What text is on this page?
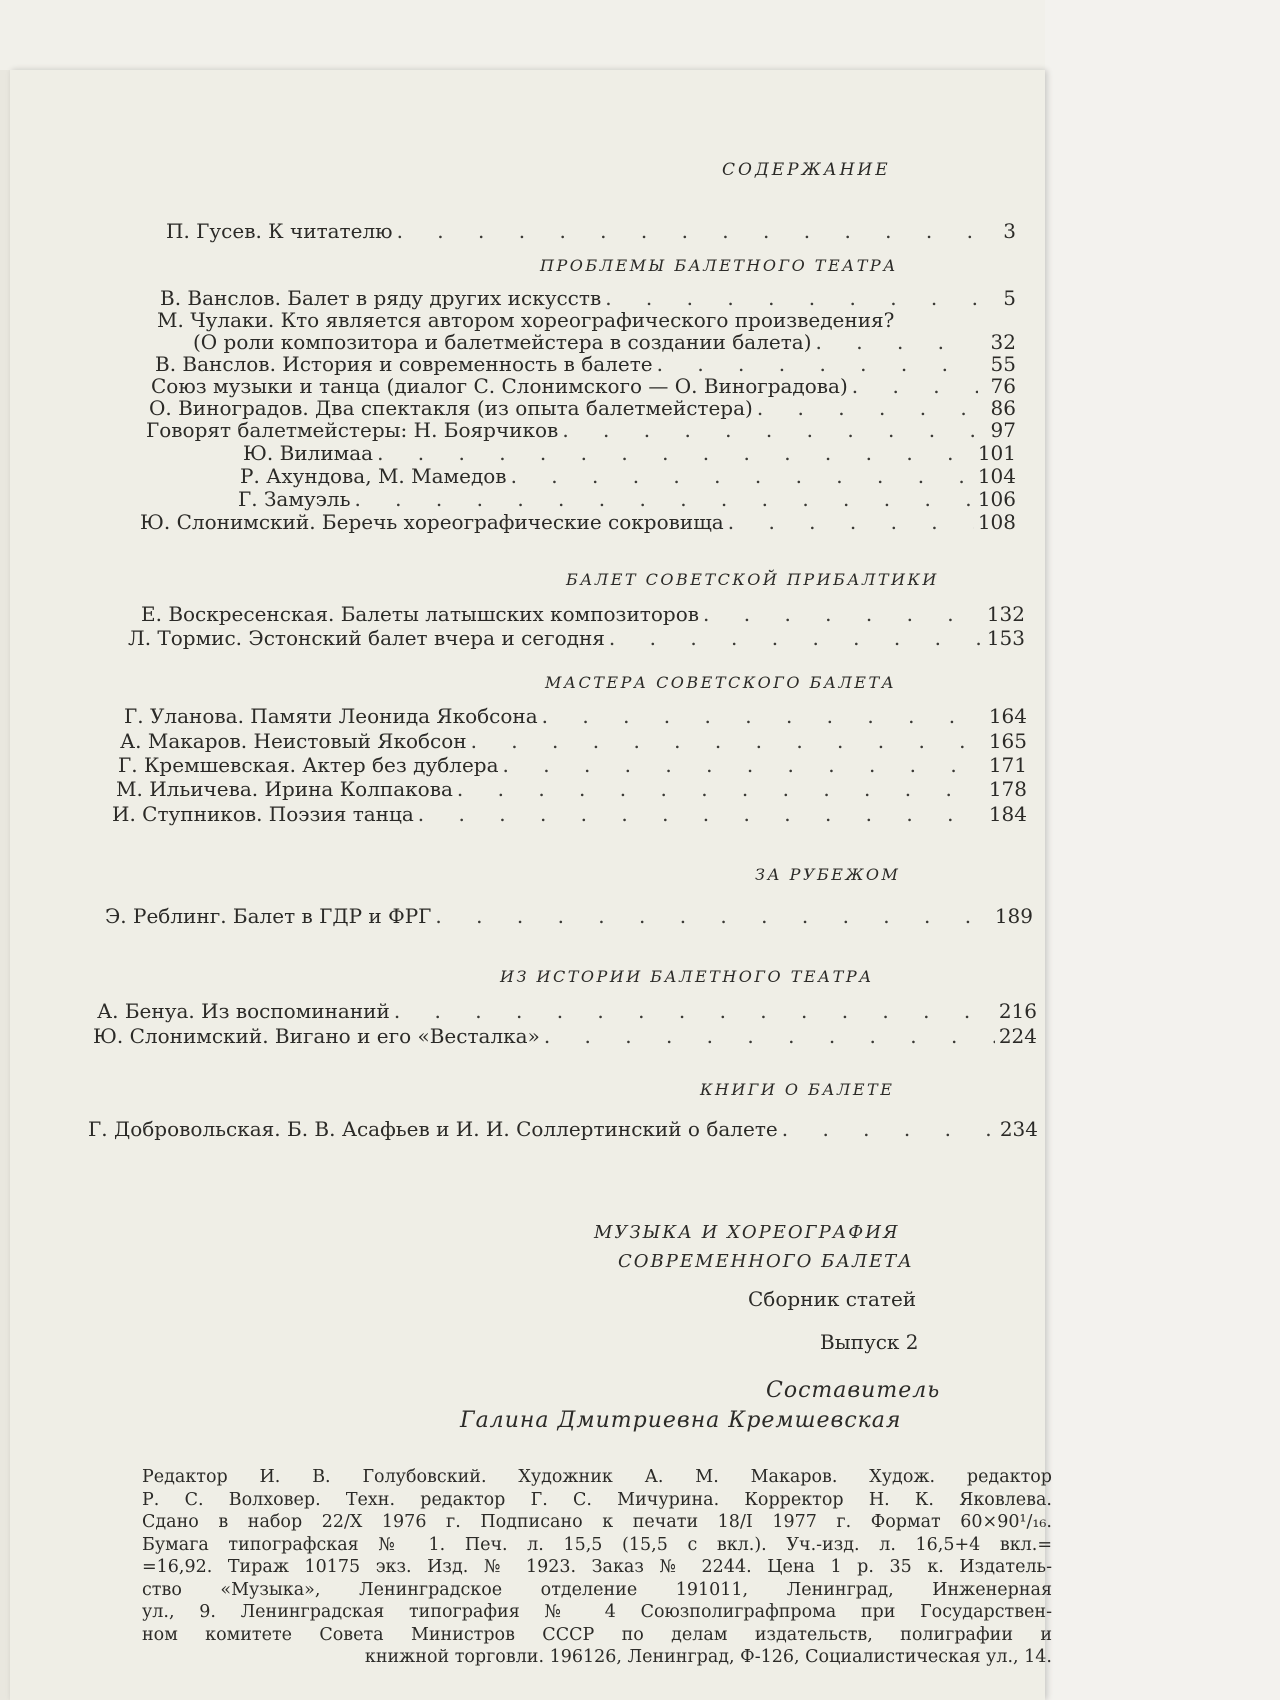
СОДЕРЖАНИЕ
П. Гусев. К читателю . . .	3
ПРОБЛЕМЫ БАЛЕТНОГО ТЕАТРА
В. Ванслов. Балет в ряду других искусств . . .	5
М. Чулаки. Кто является автором хореографического произведения?
(О роли композитора и балетмейстера в создании балета) . . .	32
В. Ванслов. История и современность в балете . . .	55
Союз музыки и танца (диалог С. Слонимского — О. Виноградова) . . .	76
О. Виноградов. Два спектакля (из опыта балетмейстера) . . .	86
Говорят балетмейстеры: Н. Боярчиков . . .	97
Ю. Вилимаа . . .	101
Р. Ахундова, М. Мамедов . . .	104
Г. Замуэль . . .	106
Ю. Слонимский. Беречь хореографические сокровища . . .	108
БАЛЕТ СОВЕТСКОЙ ПРИБАЛТИКИ
Е. Воскресенская. Балеты латышских композиторов . . .	132
Л. Тормис. Эстонский балет вчера и сегодня . . .	153
МАСТЕРА СОВЕТСКОГО БАЛЕТА
Г. Уланова. Памяти Леонида Якобсона . . .	164
А. Макаров. Неистовый Якобсон . . .	165
Г. Кремшевская. Актер без дублера . . .	171
М. Ильичева. Ирина Колпакова . . .	178
И. Ступников. Поэзия танца . . .	184
ЗА РУБЕЖОМ
Э. Реблинг. Балет в ГДР и ФРГ . . .	189
ИЗ ИСТОРИИ БАЛЕТНОГО ТЕАТРА
А. Бенуа. Из воспоминаний . . .	216
Ю. Слонимский. Вигано и его «Весталка» . . .	224
КНИГИ О БАЛЕТЕ
Г. Добровольская. Б. В. Асафьев и И. И. Соллертинский о балете . . .	234
МУЗЫКА И ХОРЕОГРАФИЯ
СОВРЕМЕННОГО БАЛЕТА
Сборник статей
Выпуск 2
Составитель
Галина Дмитриевна Кремшевская
Редактор И. В. Голубовский. Художник А. М. Макаров. Худож. редактор
Р. С. Волховер. Техн. редактор Г. С. Мичурина. Корректор Н. К. Яковлева.
Сдано в набор 22/X 1976 г. Подписано к печати 18/I 1977 г. Формат 60×90¹/₁₆.
Бумага типографская № 1. Печ. л. 15,5 (15,5 с вкл.). Уч.-изд. л. 16,5+4 вкл.=
=16,92. Тираж 10175 экз. Изд. № 1923. Заказ № 2244. Цена 1 р. 35 к. Издатель-
ство «Музыка», Ленинградское отделение 191011, Ленинград, Инженерная
ул., 9. Ленинградская типография № 4 Союзполиграфпрома при Государствен-
ном комитете Совета Министров СССР по делам издательств, полиграфии и
книжной торговли. 196126, Ленинград, Ф-126, Социалистическая ул., 14.
